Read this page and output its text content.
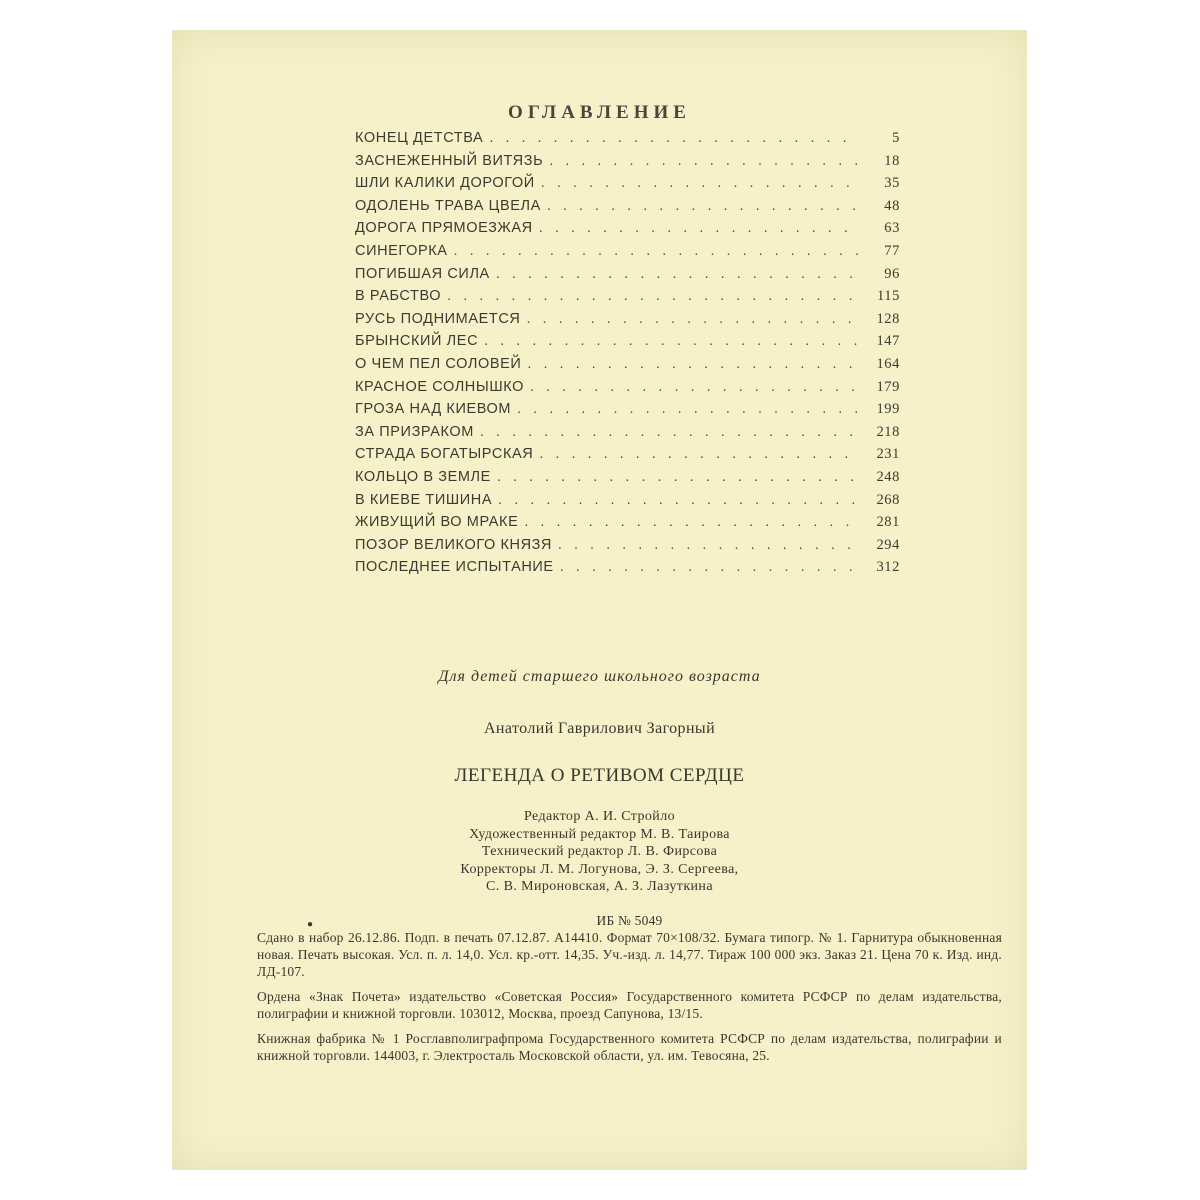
ОГЛАВЛЕНИЕ
КОНЕЦ ДЕТСТВА . . .	5
ЗАСНЕЖЕННЫЙ ВИТЯЗЬ . . .	18
ШЛИ КАЛИКИ ДОРОГОЙ . . .	35
ОДОЛЕНЬ ТРАВА ЦВЕЛА . . .	48
ДОРОГА ПРЯМОЕЗЖАЯ . . .	63
СИНЕГОРКА . . .	77
ПОГИБШАЯ СИЛА . . .	96
В РАБСТВО . . .	115
РУСЬ ПОДНИМАЕТСЯ . . .	128
БРЫНСКИЙ ЛЕС . . .	147
О ЧЕМ ПЕЛ СОЛОВЕЙ . . .	164
КРАСНОЕ СОЛНЫШКО . . .	179
ГРОЗА НАД КИЕВОМ . . .	199
ЗА ПРИЗРАКОМ . . .	218
СТРАДА БОГАТЫРСКАЯ . . .	231
КОЛЬЦО В ЗЕМЛЕ . . .	248
В КИЕВЕ ТИШИНА . . .	268
ЖИВУЩИЙ ВО МРАКЕ . . .	281
ПОЗОР ВЕЛИКОГО КНЯЗЯ . . .	294
ПОСЛЕДНЕЕ ИСПЫТАНИЕ . . .	312
Для детей старшего школьного возраста
Анатолий Гаврилович Загорный
ЛЕГЕНДА О РЕТИВОМ СЕРДЦЕ
Редактор А. И. Стройло
Художественный редактор М. В. Таирова
Технический редактор Л. В. Фирсова
Корректоры Л. М. Логунова, Э. З. Сергеева,
С. В. Мироновская, А. З. Лазуткина
●	ИБ № 5049

Сдано в набор 26.12.86. Подп. в печать 07.12.87. А14410. Формат 70×108/32. Бумага типогр. № 1. Гарнитура обыкновенная новая. Печать высокая. Усл. п. л. 14,0. Усл. кр.-отт. 14,35. Уч.-изд. л. 14,77. Тираж 100 000 экз. Заказ 21. Цена 70 к. Изд. инд. ЛД-107.

Ордена «Знак Почета» издательство «Советская Россия» Государственного комитета РСФСР по делам издательства, полиграфии и книжной торговли. 103012, Москва, проезд Сапунова, 13/15.

Книжная фабрика № 1 Росглавполиграфпрома Государственного комитета РСФСР по делам издательства, полиграфии и книжной торговли. 144003, г. Электросталь Московской области, ул. им. Тевосяна, 25.
